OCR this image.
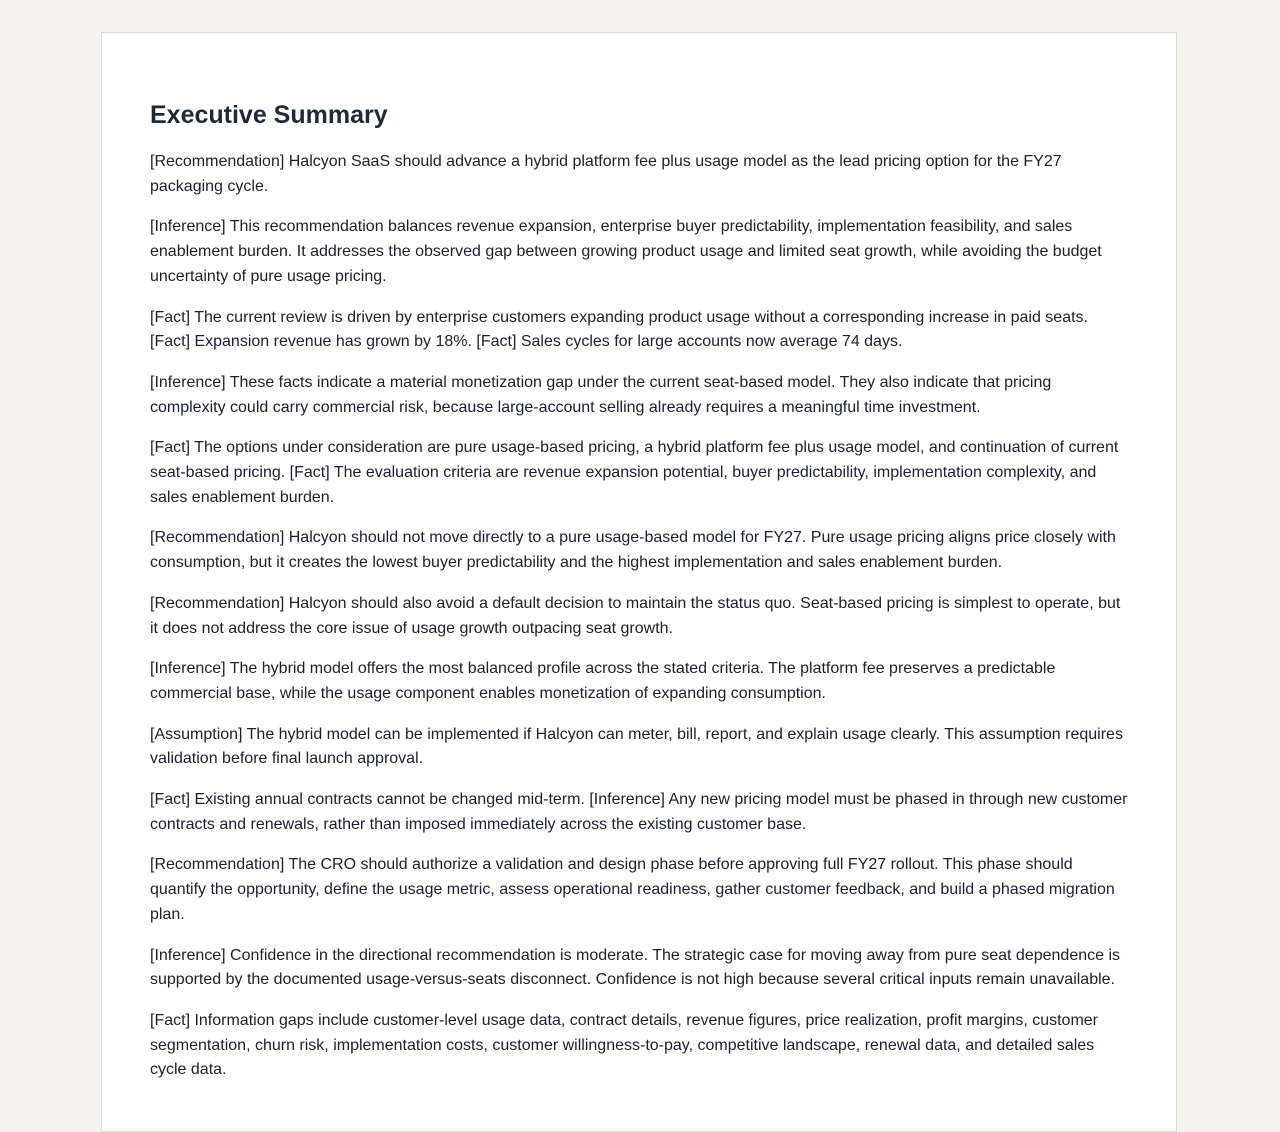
Executive Summary

[Recommendation] Halcyon SaaS should advance a hybrid platform fee plus usage model as the lead pricing option for the FY27 packaging cycle.

[Inference] This recommendation balances revenue expansion, enterprise buyer predictability, implementation feasibility, and sales enablement burden. It addresses the observed gap between growing product usage and limited seat growth, while avoiding the budget uncertainty of pure usage pricing.

[Fact] The current review is driven by enterprise customers expanding product usage without a corresponding increase in paid seats. [Fact] Expansion revenue has grown by 18%. [Fact] Sales cycles for large accounts now average 74 days.

[Inference] These facts indicate a material monetization gap under the current seat-based model. They also indicate that pricing complexity could carry commercial risk, because large-account selling already requires a meaningful time investment.

[Fact] The options under consideration are pure usage-based pricing, a hybrid platform fee plus usage model, and continuation of current seat-based pricing. [Fact] The evaluation criteria are revenue expansion potential, buyer predictability, implementation complexity, and sales enablement burden.

[Recommendation] Halcyon should not move directly to a pure usage-based model for FY27. Pure usage pricing aligns price closely with consumption, but it creates the lowest buyer predictability and the highest implementation and sales enablement burden.

[Recommendation] Halcyon should also avoid a default decision to maintain the status quo. Seat-based pricing is simplest to operate, but it does not address the core issue of usage growth outpacing seat growth.

[Inference] The hybrid model offers the most balanced profile across the stated criteria. The platform fee preserves a predictable commercial base, while the usage component enables monetization of expanding consumption.

[Assumption] The hybrid model can be implemented if Halcyon can meter, bill, report, and explain usage clearly. This assumption requires validation before final launch approval.

[Fact] Existing annual contracts cannot be changed mid-term. [Inference] Any new pricing model must be phased in through new customer contracts and renewals, rather than imposed immediately across the existing customer base.

[Recommendation] The CRO should authorize a validation and design phase before approving full FY27 rollout. This phase should quantify the opportunity, define the usage metric, assess operational readiness, gather customer feedback, and build a phased migration plan.

[Inference] Confidence in the directional recommendation is moderate. The strategic case for moving away from pure seat dependence is supported by the documented usage-versus-seats disconnect. Confidence is not high because several critical inputs remain unavailable.

[Fact] Information gaps include customer-level usage data, contract details, revenue figures, price realization, profit margins, customer segmentation, churn risk, implementation costs, customer willingness-to-pay, competitive landscape, renewal data, and detailed sales cycle data.
